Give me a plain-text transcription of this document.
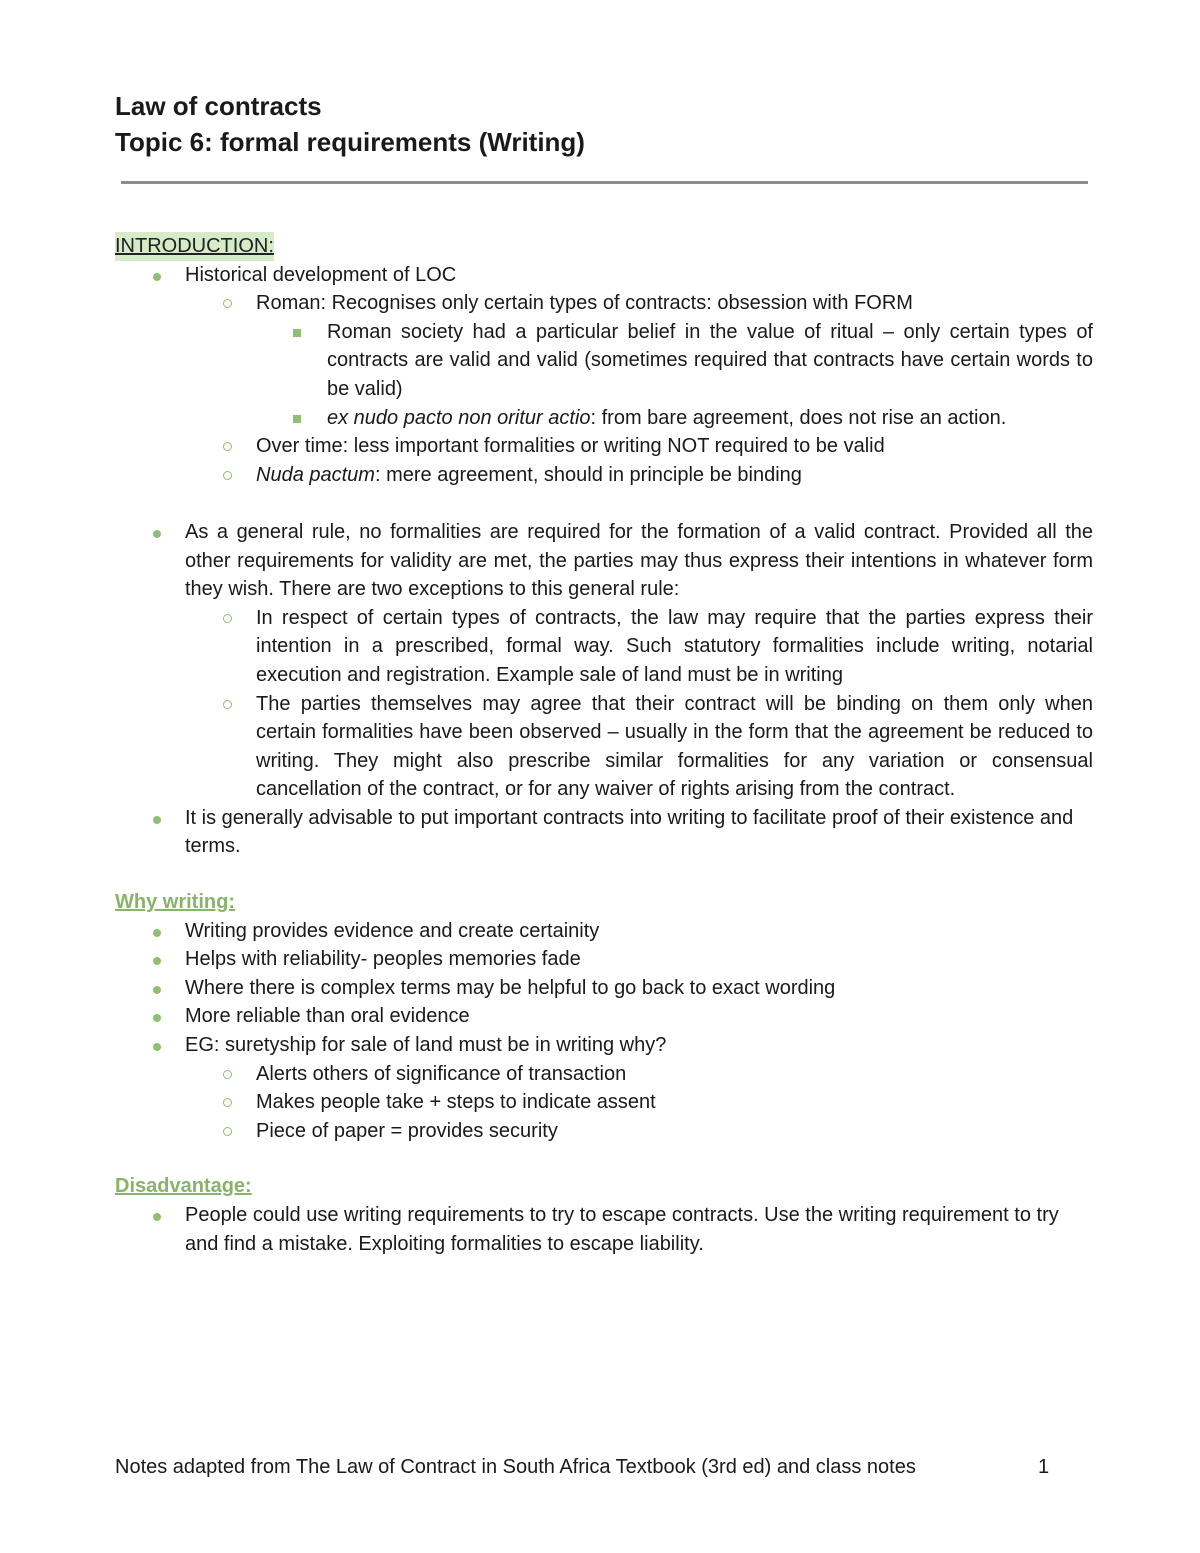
Law of contracts
Topic 6: formal requirements (Writing)
INTRODUCTION:
Historical development of LOC
Roman: Recognises only certain types of contracts: obsession with FORM
Roman society had a particular belief in the value of ritual – only certain types of contracts are valid and valid (sometimes required that contracts have certain words to be valid)
ex nudo pacto non oritur actio: from bare agreement, does not rise an action.
Over time: less important formalities or writing NOT required to be valid
Nuda pactum: mere agreement, should in principle be binding
As a general rule, no formalities are required for the formation of a valid contract. Provided all the other requirements for validity are met, the parties may thus express their intentions in whatever form they wish. There are two exceptions to this general rule:
In respect of certain types of contracts, the law may require that the parties express their intention in a prescribed, formal way. Such statutory formalities include writing, notarial execution and registration. Example sale of land must be in writing
The parties themselves may agree that their contract will be binding on them only when certain formalities have been observed – usually in the form that the agreement be reduced to writing. They might also prescribe similar formalities for any variation or consensual cancellation of the contract, or for any waiver of rights arising from the contract.
It is generally advisable to put important contracts into writing to facilitate proof of their existence and terms.
Why writing:
Writing provides evidence and create certainity
Helps with reliability- peoples memories fade
Where there is complex terms may be helpful to go back to exact wording
More reliable than oral evidence
EG: suretyship for sale of land must be in writing why?
Alerts others of significance of transaction
Makes people take + steps to indicate assent
Piece of paper = provides security
Disadvantage:
People could use writing requirements to try to escape contracts. Use the writing requirement to try and find a mistake. Exploiting formalities to escape liability.

Notes adapted from The Law of Contract in South Africa Textbook (3rd ed) and class notes	1
